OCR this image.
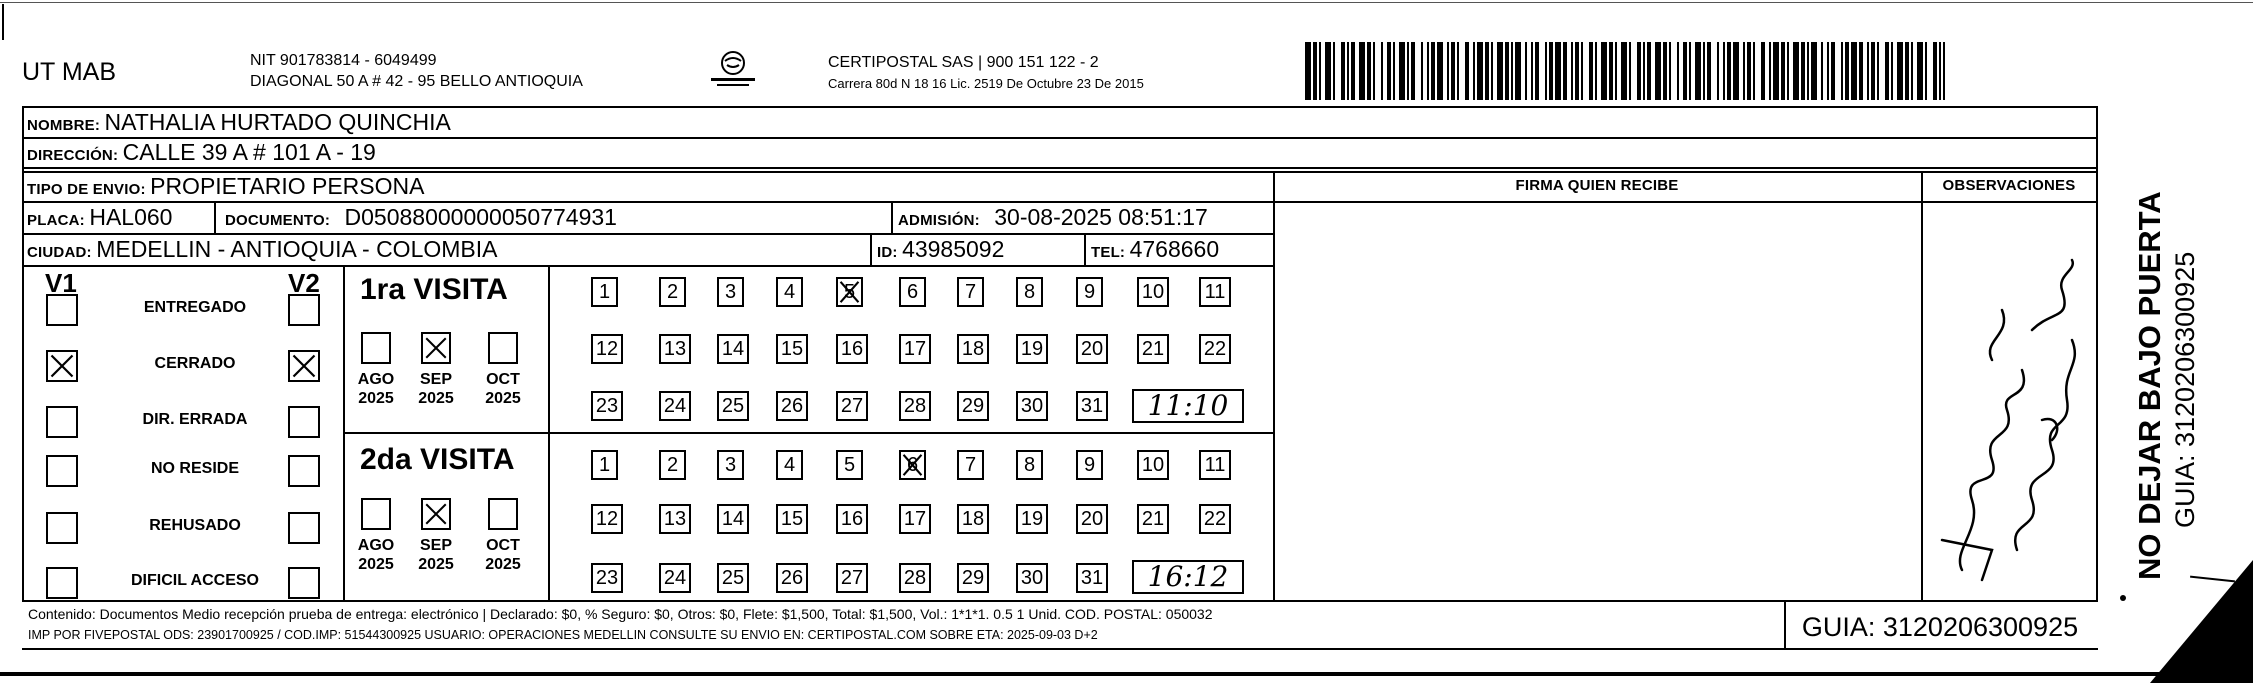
UT MAB	NIT 901783814 - 6049499
DIAGONAL 50 A # 42 - 95 BELLO ANTIOQUIA
CERTIPOSTAL SAS | 900 151 122 - 2
Carrera 80d N 18 16 Lic. 2519 De Octubre 23 De 2015
NOMBRE: NATHALIA HURTADO QUINCHIA
DIRECCIÓN: CALLE 39 A # 101 A - 19
TIPO DE ENVIO: PROPIETARIO PERSONA	FIRMA QUIEN RECIBE	OBSERVACIONES
PLACA: HAL060	DOCUMENTO: D05088000000050774931	ADMISIÓN: 30-08-2025 08:51:17
CIUDAD: MEDELLIN - ANTIOQUIA - COLOMBIA	ID: 43985092	TEL: 4768660
V1	V2
ENTREGADO
CERRADO
DIR. ERRADA
NO RESIDE
REHUSADO
DIFICIL ACCESO
1ra VISITA
2da VISITA
AGO
2025
SEP
2025
OCT
2025
AGO
2025
SEP
2025
OCT
2025
1	2	3	4	5	6	7	8	9	10 11
12 13 14 15 16 17 18 19 20 21 22
23 24 25 26 27 28 29 30 31
1	2	3	4	5	6	7	8	9	10 11
12 13 14 15 16 17 18 19 20 21 22
23 24 25 26 27 28 29 30 31
11:10
16:12
Contenido: Documentos Medio recepción prueba de entrega: electrónico | Declarado: $0, % Seguro: $0, Otros: $0, Flete: $1,500, Total: $1,500, Vol.: 1*1*1. 0.5 1 Unid. COD. POSTAL: 050032
IMP POR FIVEPOSTAL ODS: 23901700925 / COD.IMP: 51544300925 USUARIO: OPERACIONES MEDELLIN CONSULTE SU ENVIO EN: CERTIPOSTAL.COM SOBRE ETA: 2025-09-03 D+2	GUIA: 3120206300925
NO DEJAR BAJO PUERTA GUIA: 3120206300925
